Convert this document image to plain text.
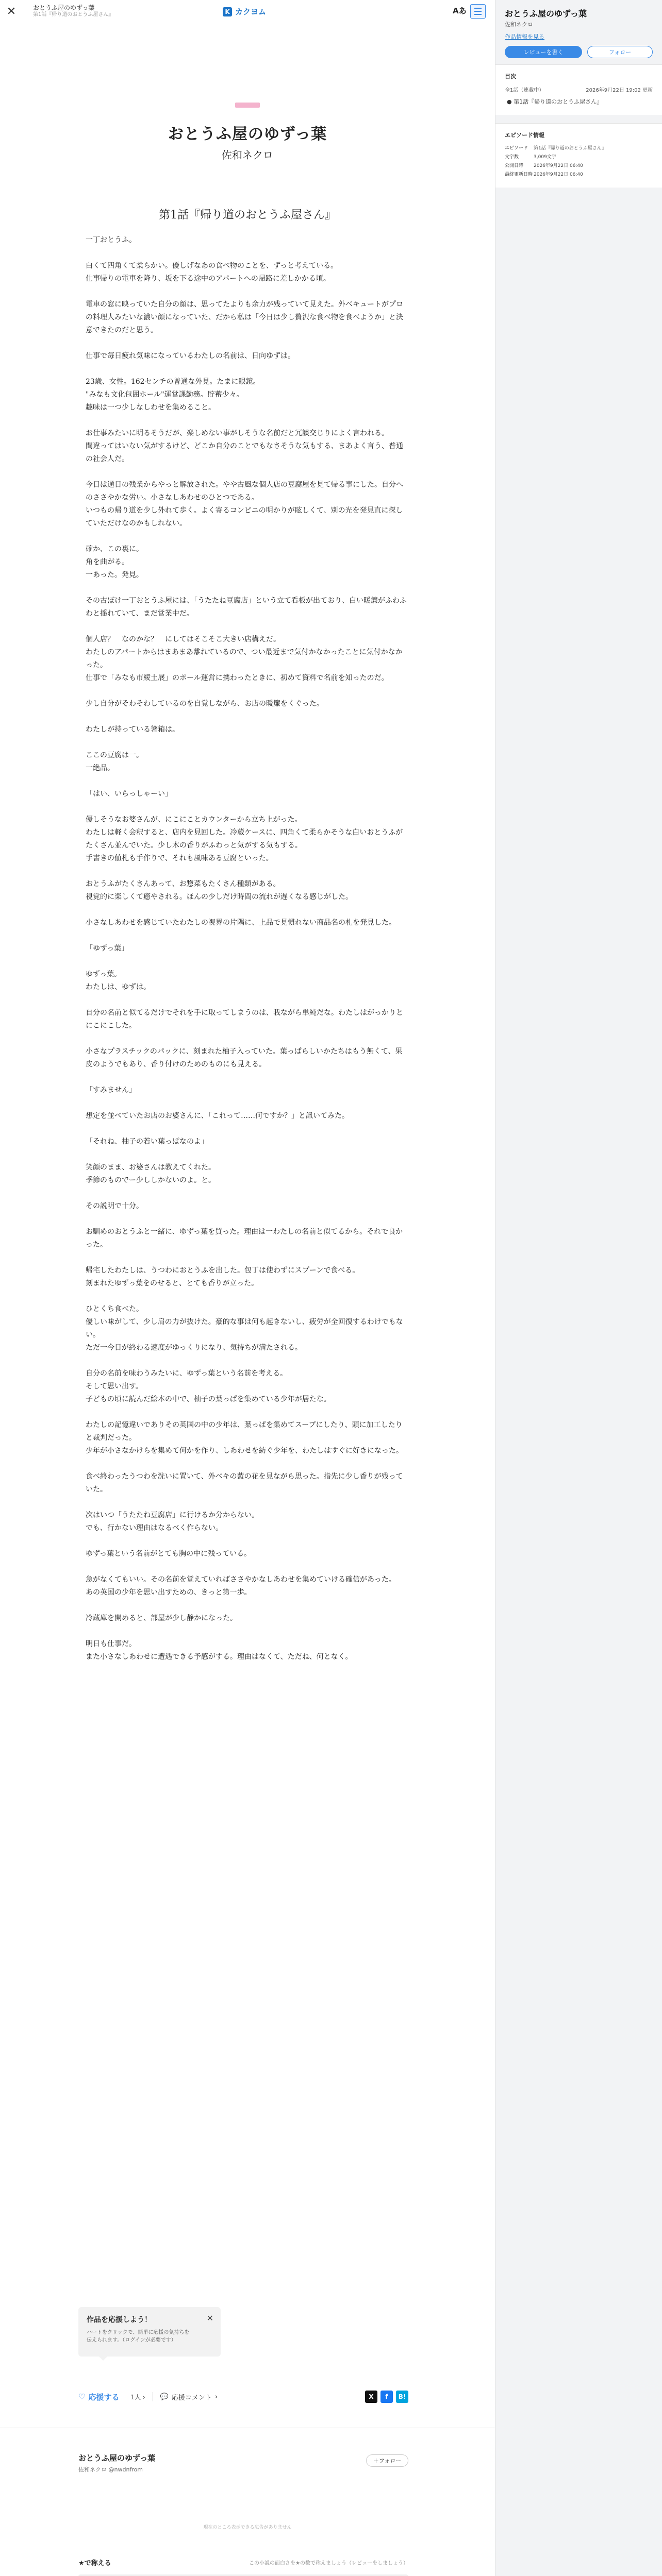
✕	おとうふ屋のゆずっ葉
第1話『帰り道のおとうふ屋さん』	K カクヨム	Aあ	おとうふ屋のゆずっ葉
佐和ネクロ
作品情報を見る
レビューを書く	フォロー
目次
全1話（連載中）	2026年9月22日 19:02 更新
● 第1話『帰り道のおとうふ屋さん』
エピソード情報
エピソード	第1話『帰り道のおとうふ屋さん』
文字数	3,009文字
公開日時	2026年9月22日 06:40
最終更新日時	2026年9月22日 06:40
おとうふ屋のゆずっ葉
佐和ネクロ
第1話『帰り道のおとうふ屋さん』

一丁おとうふ。

白くて四角くて柔らかい。優しげなあの食べ物のことを、ずっと考えている。

仕事帰りの電車を降り、坂を下る途中のアパートへの帰路に差しかかる頃。

電車の窓に映っていた自分の顔は、思ってたよりも余力が残っていて見えた。外ベキュートがプロの料理人みたいな濃い顔になっていた、だから私は「今日は少し贅沢な食べ物を食べようか」と決意できたのだと思う。

仕事で毎日疲れ気味になっているわたしの名前は、日向ゆずは。

23歳、女性。162センチの普通な外見。たまに眼鏡。

"みなも文化包囲ホール"運営課勤務。貯蓄少々。

趣味は一つ少しなしわせを集めること。

お仕事みたいに明るそうだが、楽しめない事がしそうな名前だと冗談交じりによく言われる。

間違ってはいない気がするけど、どこか自分のことでもなさそうな気もする、まあよく言う、普通の社会人だ。

今日は通日の残業からやっと解放された。やや古風な個人店の豆腐屋を見て帰る事にした。自分へのささやかな労い。小さなしあわせのひとつである。

いつもの帰り道を少し外れて歩く。よく寄るコンビニの明かりが眩しくて、別の光を発見直に探していただけなのかもしれない。

確か、この裏に。

角を曲がる。

一あった。発見。

その古ぼけ一丁おとうふ屋には、「うたたね豆腐店」という立て看板が出ており、白い暖簾がふわふわと揺れていて、まだ営業中だ。

個人店？　なのかな？　にしてはそこそこ大きい店構えだ。

わたしのアパートからはまあまあ離れているので、つい最近まで気付かなかったことに気付かなかった。

仕事で「みなも市綾土展」のポール運営に携わったときに、初めて資料で名前を知ったのだ。

少し自分がそわそわしているのを自覚しながら、お店の暖簾をくぐった。

わたしが持っている箸箱は。

ここの豆腐は一。

一絶品。

「はい、いらっしゃーい」

優しそうなお婆さんが、にこにことカウンターから立ち上がった。

わたしは軽く会釈すると、店内を見回した。冷蔵ケースに、四角くて柔らかそうな白いおとうふがたくさん並んでいた。少し木の香りがふわっと気がする気もする。

手書きの値札も手作りで、それも風味ある豆腐といった。

おとうふがたくさんあって、お惣菜もたくさん種類がある。

視覚的に楽しくて癒やされる。ほんの少しだけ時間の流れが遅くなる感じがした。

小さなしあわせを感じていたわたしの視界の片隅に、上品で見慣れない商品名の札を発見した。

「ゆずっ葉」

ゆずっ葉。

わたしは、ゆずは。

自分の名前と似てるだけでそれを手に取ってしまうのは、我ながら単純だな。わたしはがっかりとにこにこした。

小さなプラスチックのパックに、刻まれた柚子入っていた。葉っぱらしいかたちはもう無くて、果皮のようでもあり、香り付けのためのものにも見える。

「すみません」

想定を並べていたお店のお婆さんに、「これって……何ですか？」と訊いてみた。

「それね、柚子の若い葉っぱなのよ」

笑顔のまま、お婆さんは教えてくれた。

季節のものでー少ししかないのよ。と。

その説明で十分。

お馴めのおとうふと一緒に、ゆずっ葉を買った。理由は一わたしの名前と似てるから。それで良かった。

帰宅したわたしは、うつわにおとうふを出した。包丁は使わずにスプーンで食べる。

刻まれたゆずっ葉をのせると、とても香りが立った。

ひとくち食べた。

優しい味がして、少し肩の力が抜けた。豪的な事は何も起きないし、疲労が全回復するわけでもない。

ただ一今日が終わる速度がゆっくりになり、気持ちが満たされる。

自分の名前を味わうみたいに、ゆずっ葉という名前を考える。

そして思い出す。

子どもの頃に読んだ絵本の中で、柚子の葉っぱを集めている少年が居たな。

わたしの記憶違いでありその英国の中の少年は、葉っぱを集めてスープにしたり、頭に加工したりと裁判だった。

少年が小さなかけらを集めて何かを作り、しあわせを紡ぐ少年を、わたしはすぐに好きになった。

食べ終わったうつわを洗いに置いて、外ベキの藍の花を見ながら思った。指先に少し香りが残っていた。

次はいつ「うたたね豆腐店」に行けるか分からない。

でも、行かない理由はなるべく作らない。

ゆずっ葉という名前がとても胸の中に残っている。

急がなくてもいい。その名前を覚えていればささやかなしあわせを集めていける確信があった。

あの英国の少年を思い出すための、きっと第一歩。

冷蔵庫を開めると、部屋が少し静かになった。

明日も仕事だ。

また小さなしあわせに遭遇できる予感がする。理由はなくて、ただね、何となく。

作品を応援しよう！
ハートをクリックで、簡単に応援の気持ちを伝えられます。（ログインが必要です）
✕
♡ 応援する 1人 › 💬 応援コメント ›	X	f	B!
おとうふ屋のゆずっ葉
佐和ネクロ @nwdnfrom
＋ フォロー
現在のところ表示できる広告がありません
★で称える	この小説の面白さを★の数で称えましょう（レビューをしましょう）
